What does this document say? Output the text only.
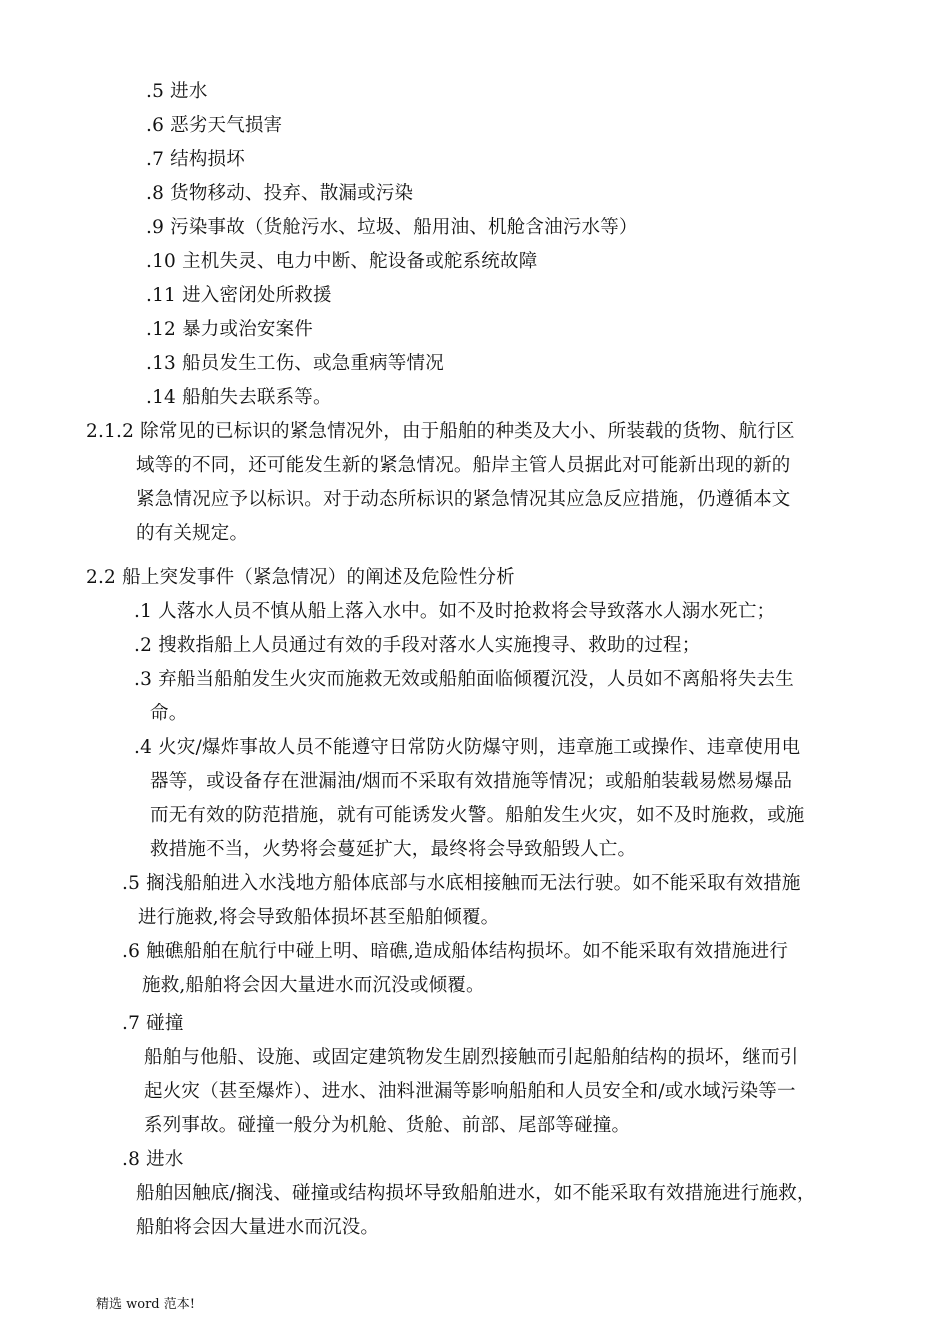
.5 进水
.6 恶劣天气损害
.7 结构损坏
.8 货物移动、投弃、散漏或污染
.9 污染事故（货舱污水、垃圾、船用油、机舱含油污水等）
.10 主机失灵、电力中断、舵设备或舵系统故障
.11 进入密闭处所救援
.12 暴力或治安案件
.13 船员发生工伤、或急重病等情况
.14 船舶失去联系等。
2.1.2 除常见的已标识的紧急情况外，由于船舶的种类及大小、所装载的货物、航行区
域等的不同，还可能发生新的紧急情况。船岸主管人员据此对可能新出现的新的
紧急情况应予以标识。对于动态所标识的紧急情况其应急反应措施，仍遵循本文
的有关规定。
2.2 船上突发事件（紧急情况）的阐述及危险性分析
.1 人落水人员不慎从船上落入水中。如不及时抢救将会导致落水人溺水死亡；
.2 搜救指船上人员通过有效的手段对落水人实施搜寻、救助的过程；
.3 弃船当船舶发生火灾而施救无效或船舶面临倾覆沉没，人员如不离船将失去生
命。
.4 火灾/爆炸事故人员不能遵守日常防火防爆守则，违章施工或操作、违章使用电
器等，或设备存在泄漏油/烟而不采取有效措施等情况；或船舶装载易燃易爆品
而无有效的防范措施，就有可能诱发火警。船舶发生火灾，如不及时施救，或施
救措施不当，火势将会蔓延扩大，最终将会导致船毁人亡。
.5 搁浅船舶进入水浅地方船体底部与水底相接触而无法行驶。如不能采取有效措施
进行施救,将会导致船体损坏甚至船舶倾覆。
.6 触礁船舶在航行中碰上明、暗礁,造成船体结构损坏。如不能采取有效措施进行
施救,船舶将会因大量进水而沉没或倾覆。
.7 碰撞
船舶与他船、设施、或固定建筑物发生剧烈接触而引起船舶结构的损坏，继而引
起火灾（甚至爆炸）、进水、油料泄漏等影响船舶和人员安全和/或水域污染等一
系列事故。碰撞一般分为机舱、货舱、前部、尾部等碰撞。
.8 进水
船舶因触底/搁浅、碰撞或结构损坏导致船舶进水，如不能采取有效措施进行施救，
船舶将会因大量进水而沉没。
精选 word 范本!
